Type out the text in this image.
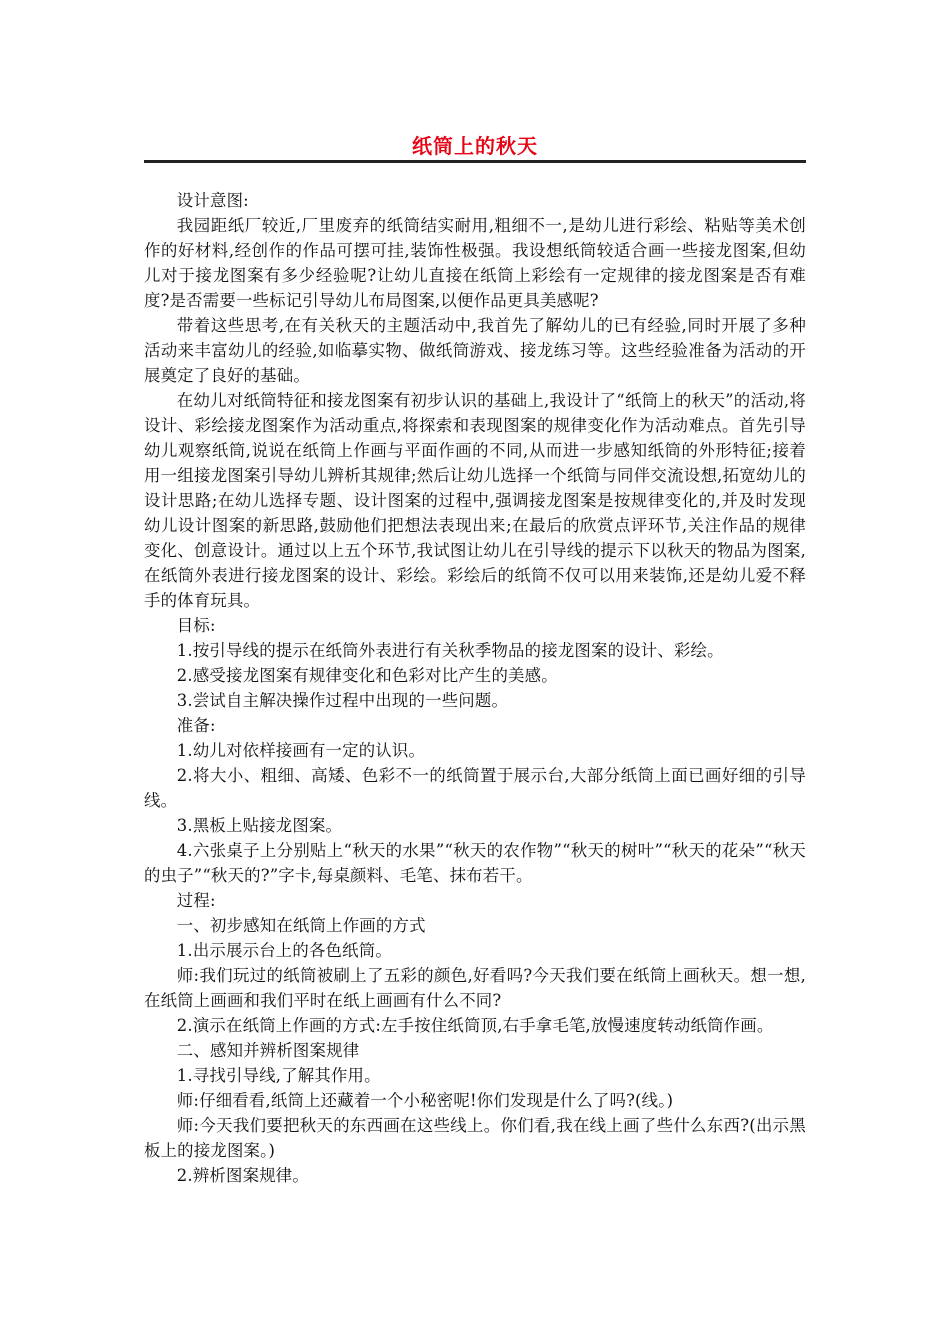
纸筒上的秋天

设计意图:

我园距纸厂较近,厂里废弃的纸筒结实耐用,粗细不一,是幼儿进行彩绘、粘贴等美术创作的好材料,经创作的作品可摆可挂,装饰性极强。我设想纸筒较适合画一些接龙图案,但幼儿对于接龙图案有多少经验呢?让幼儿直接在纸筒上彩绘有一定规律的接龙图案是否有难度?是否需要一些标记引导幼儿布局图案,以便作品更具美感呢?

带着这些思考,在有关秋天的主题活动中,我首先了解幼儿的已有经验,同时开展了多种活动来丰富幼儿的经验,如临摹实物、做纸筒游戏、接龙练习等。这些经验准备为活动的开展奠定了良好的基础。

在幼儿对纸筒特征和接龙图案有初步认识的基础上,我设计了“纸筒上的秋天”的活动,将设计、彩绘接龙图案作为活动重点,将探索和表现图案的规律变化作为活动难点。首先引导幼儿观察纸筒,说说在纸筒上作画与平面作画的不同,从而进一步感知纸筒的外形特征;接着用一组接龙图案引导幼儿辨析其规律;然后让幼儿选择一个纸筒与同伴交流设想,拓宽幼儿的设计思路;在幼儿选择专题、设计图案的过程中,强调接龙图案是按规律变化的,并及时发现幼儿设计图案的新思路,鼓励他们把想法表现出来;在最后的欣赏点评环节,关注作品的规律变化、创意设计。通过以上五个环节,我试图让幼儿在引导线的提示下以秋天的物品为图案,在纸筒外表进行接龙图案的设计、彩绘。彩绘后的纸筒不仅可以用来装饰,还是幼儿爱不释手的体育玩具。

目标:

1.按引导线的提示在纸筒外表进行有关秋季物品的接龙图案的设计、彩绘。

2.感受接龙图案有规律变化和色彩对比产生的美感。

3.尝试自主解决操作过程中出现的一些问题。

准备:

1.幼儿对依样接画有一定的认识。

2.将大小、粗细、高矮、色彩不一的纸筒置于展示台,大部分纸筒上面已画好细的引导线。

3.黑板上贴接龙图案。

4.六张桌子上分别贴上“秋天的水果”“秋天的农作物”“秋天的树叶”“秋天的花朵”“秋天的虫子”“秋天的?”字卡,每桌颜料、毛笔、抹布若干。

过程:

一、初步感知在纸筒上作画的方式

1.出示展示台上的各色纸筒。

师:我们玩过的纸筒被刷上了五彩的颜色,好看吗?今天我们要在纸筒上画秋天。想一想,在纸筒上画画和我们平时在纸上画画有什么不同?

2.演示在纸筒上作画的方式:左手按住纸筒顶,右手拿毛笔,放慢速度转动纸筒作画。

二、感知并辨析图案规律

1.寻找引导线,了解其作用。

师:仔细看看,纸筒上还藏着一个小秘密呢!你们发现是什么了吗?(线。)

师:今天我们要把秋天的东西画在这些线上。你们看,我在线上画了些什么东西?(出示黑板上的接龙图案。)

2.辨析图案规律。
